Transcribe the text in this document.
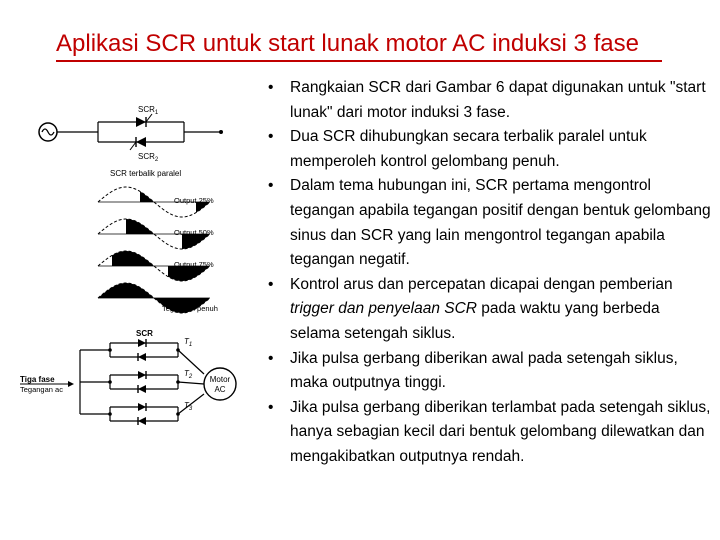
Aplikasi SCR untuk start lunak motor AC induksi 3 fase
$SCR_1$
$SCR_2$
SCR terbalik paralel
Output 25%
Output 50%
Output 75%
Tegangan penuh
SCR
$T_1$
$T_2$
$T_3$
Tiga fase
Tegangan ac
Motor
AC
• Rangkaian SCR dari Gambar 6 dapat digunakan untuk "start lunak" dari motor induksi 3 fase.
• Dua SCR dihubungkan secara terbalik paralel untuk memperoleh kontrol gelombang penuh.
• Dalam tema hubungan ini, SCR pertama mengontrol tegangan apabila tegangan positif dengan bentuk gelombang sinus dan SCR yang lain mengontrol tegangan apabila tegangan negatif.
• Kontrol arus dan percepatan dicapai dengan pemberian trigger dan penyelaan SCR pada waktu yang berbeda selama setengah siklus.
• Jika pulsa gerbang diberikan awal pada setengah siklus, maka outputnya tinggi.
• Jika pulsa gerbang diberikan terlambat pada setengah siklus, hanya sebagian kecil dari bentuk gelombang dilewatkan dan mengakibatkan outputnya rendah.
